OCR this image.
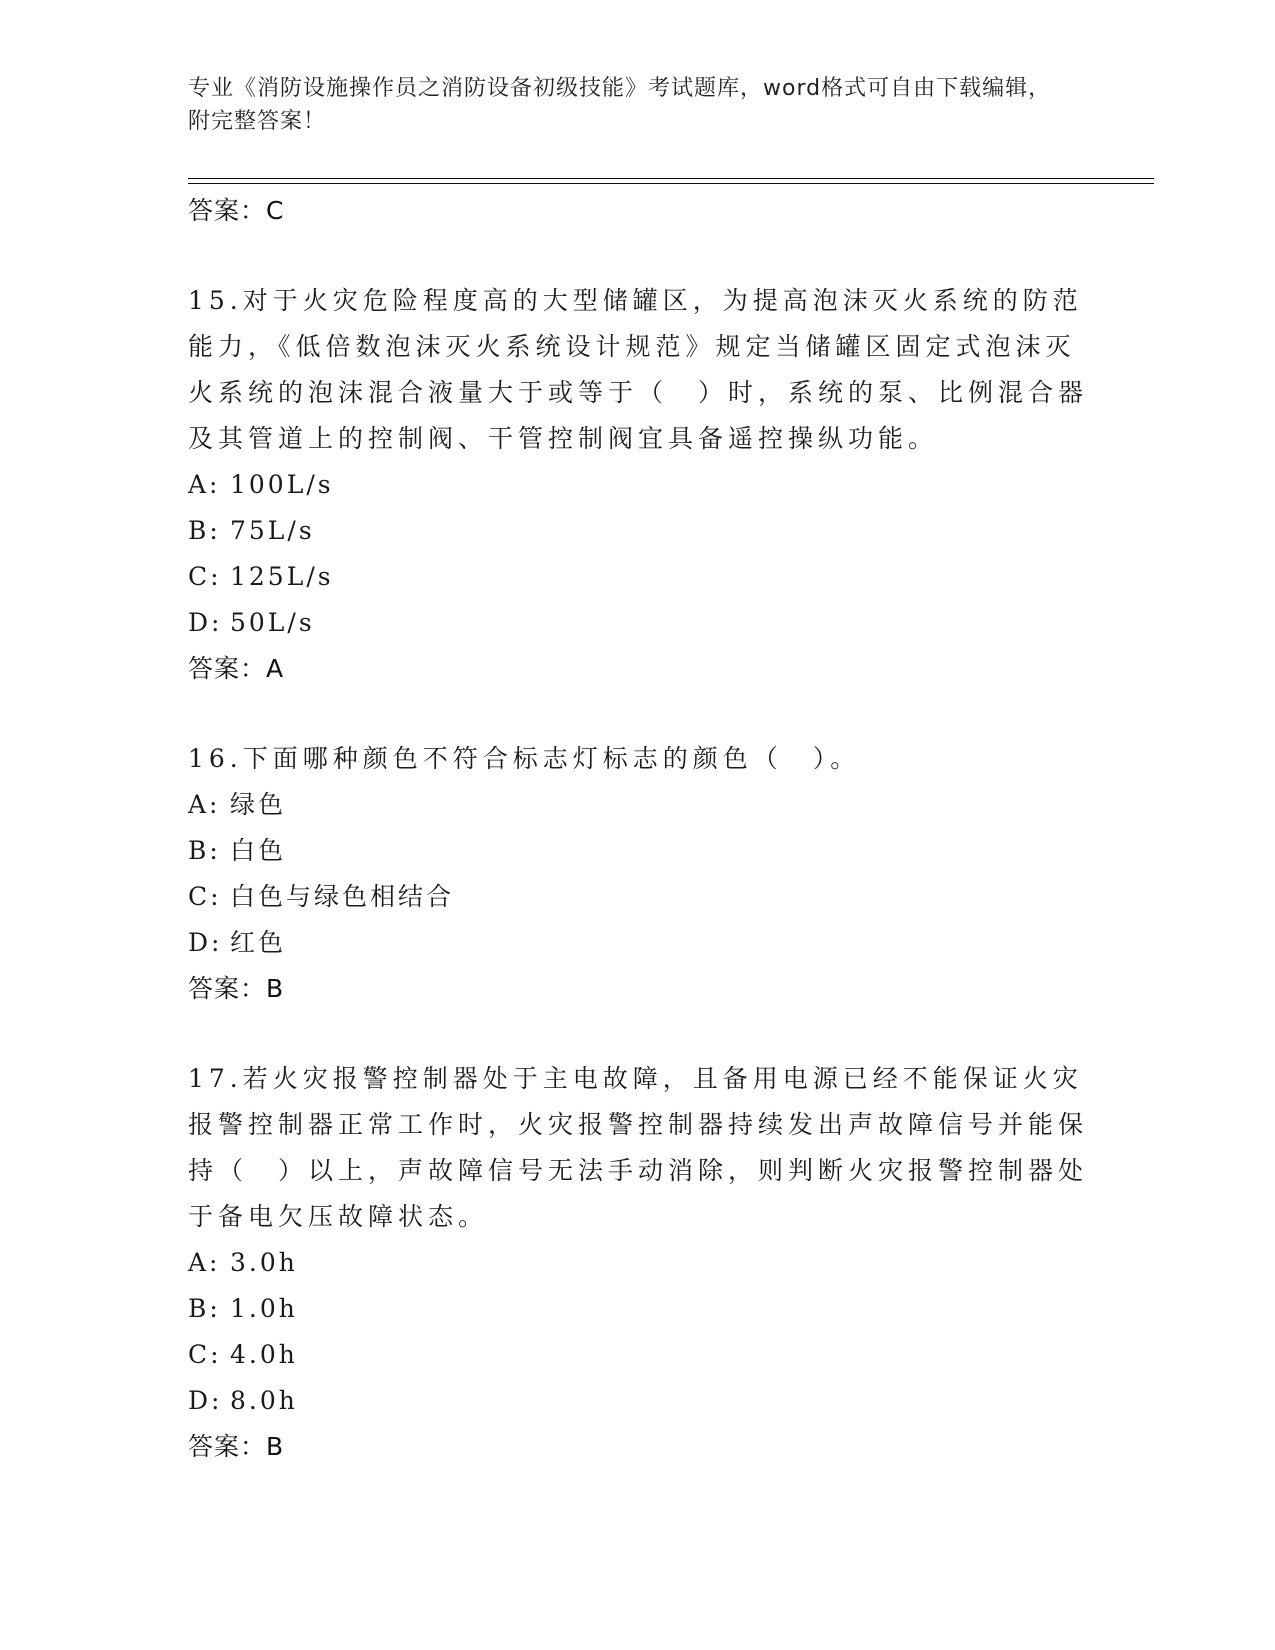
专业《消防设施操作员之消防设备初级技能》考试题库，word格式可自由下载编辑，附完整答案！
答案：C
15.对于火灾危险程度高的大型储罐区，为提高泡沫灭火系统的防范能力，《低倍数泡沫灭火系统设计规范》规定当储罐区固定式泡沫灭火系统的泡沫混合液量大于或等于（　）时，系统的泵、比例混合器及其管道上的控制阀、干管控制阀宜具备遥控操纵功能。
A: 100L/s
B: 75L/s
C: 125L/s
D: 50L/s
答案：A
16.下面哪种颜色不符合标志灯标志的颜色（　）。
A: 绿色
B: 白色
C: 白色与绿色相结合
D: 红色
答案：B
17.若火灾报警控制器处于主电故障，且备用电源已经不能保证火灾报警控制器正常工作时，火灾报警控制器持续发出声故障信号并能保持（　）以上，声故障信号无法手动消除，则判断火灾报警控制器处于备电欠压故障状态。
A: 3.0h
B: 1.0h
C: 4.0h
D: 8.0h
答案：B
